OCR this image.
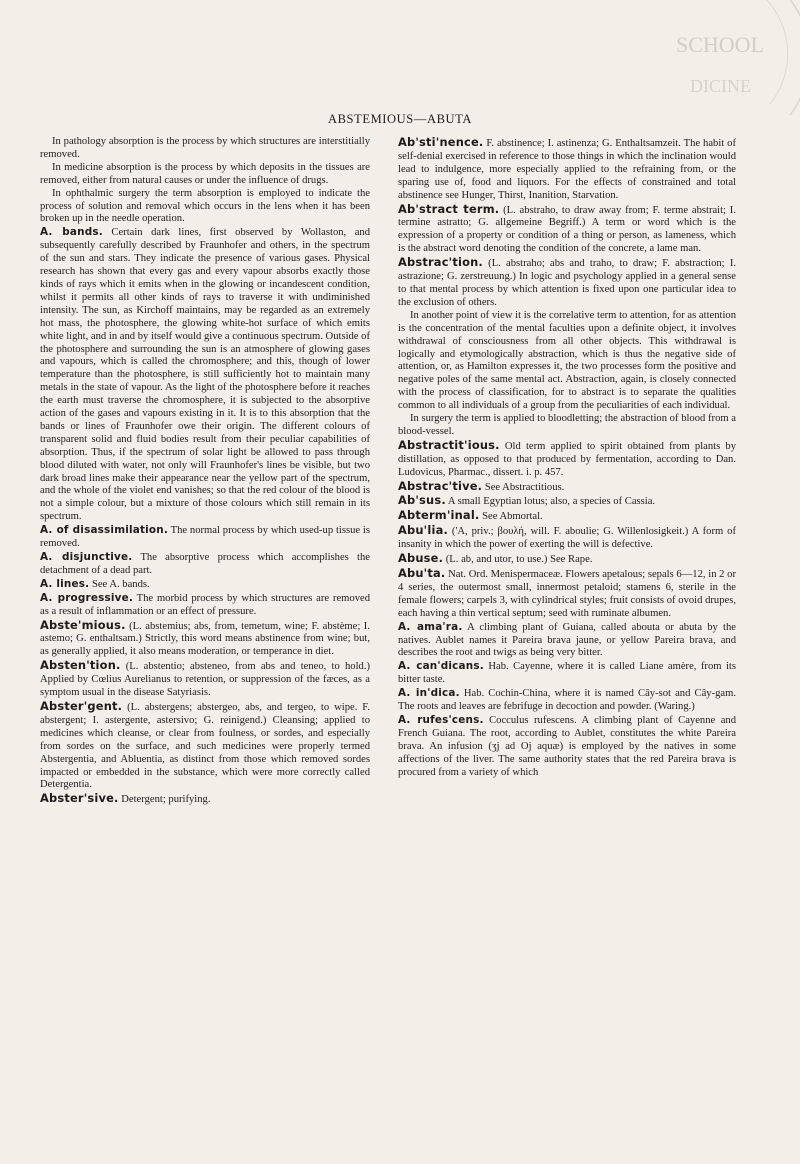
SCHOOL
DICINE
ABSTEMIOUS—ABUTA

In pathology absorption is the process by which structures are interstitially removed.

In medicine absorption is the process by which deposits in the tissues are removed, either from natural causes or under the influence of drugs.

In ophthalmic surgery the term absorption is employed to indicate the process of solution and removal which occurs in the lens when it has been broken up in the needle operation.

A. bands. Certain dark lines, first observed by Wollaston, and subsequently carefully described by Fraunhofer and others, in the spectrum of the sun and stars. They indicate the presence of various gases. Physical research has shown that every gas and every vapour absorbs exactly those kinds of rays which it emits when in the glowing or incandescent condition, whilst it permits all other kinds of rays to traverse it with undiminished intensity. The sun, as Kirchoff maintains, may be regarded as an extremely hot mass, the photosphere, the glowing white-hot surface of which emits white light, and in and by itself would give a continuous spectrum. Outside of the photosphere and surrounding the sun is an atmosphere of glowing gases and vapours, which is called the chromosphere; and this, though of lower temperature than the photosphere, is still sufficiently hot to maintain many metals in the state of vapour. As the light of the photosphere before it reaches the earth must traverse the chromosphere, it is subjected to the absorptive action of the gases and vapours existing in it. It is to this absorption that the bands or lines of Fraunhofer owe their origin. The different colours of transparent solid and fluid bodies result from their peculiar capabilities of absorption. Thus, if the spectrum of solar light be allowed to pass through blood diluted with water, not only will Fraunhofer's lines be visible, but two dark broad lines make their appearance near the yellow part of the spectrum, and the whole of the violet end vanishes; so that the red colour of the blood is not a simple colour, but a mixture of those colours which still remain in its spectrum.

A. of disassimilation. The normal process by which used-up tissue is removed.

A. disjunctive. The absorptive process which accomplishes the detachment of a dead part.

A. lines. See A. bands.

A. progressive. The morbid process by which structures are removed as a result of inflammation or an effect of pressure.

Abste'mious. (L. abstemius; abs, from, temetum, wine; F. abstème; I. astemo; G. enthaltsam.) Strictly, this word means abstinence from wine; but, as generally applied, it also means moderation, or temperance in diet.

Absten'tion. (L. abstentio; absteneo, from abs and teneo, to hold.) Applied by Cœlius Aurelianus to retention, or suppression of the fæces, as a symptom usual in the disease Satyriasis.

Abster'gent. (L. abstergens; abstergeo, abs, and tergeo, to wipe. F. abstergent; I. astergente, astersivo; G. reinigend.) Cleansing; applied to medicines which cleanse, or clear from foulness, or sordes, and especially from sordes on the surface, and such medicines were properly termed Abstergentia, and Abluentia, as distinct from those which removed sordes impacted or embedded in the substance, which were more correctly called Detergentia.

Abster'sive. Detergent; purifying.

Ab'sti'nence. F. abstinence; I. astinenza; G. Enthaltsamzeit. The habit of self-denial exercised in reference to those things in which the inclination would lead to indulgence, more especially applied to the refraining from, or the sparing use of, food and liquors. For the effects of constrained and total abstinence see Hunger, Thirst, Inanition, Starvation.

Ab'stract term. (L. abstraho, to draw away from; F. terme abstrait; I. termine astratto; G. allgemeine Begriff.) A term or word which is the expression of a property or condition of a thing or person, as lameness, which is the abstract word denoting the condition of the concrete, a lame man.

Abstrac'tion. (L. abstraho; abs and traho, to draw; F. abstraction; I. astrazione; G. zerstreuung.) In logic and psychology applied in a general sense to that mental process by which attention is fixed upon one particular idea to the exclusion of others.

In another point of view it is the correlative term to attention, for as attention is the concentration of the mental faculties upon a definite object, it involves withdrawal of consciousness from all other objects. This withdrawal is logically and etymologically abstraction, which is thus the negative side of attention, or, as Hamilton expresses it, the two processes form the positive and negative poles of the same mental act. Abstraction, again, is closely connected with the process of classification, for to abstract is to separate the qualities common to all individuals of a group from the peculiarities of each individual.

In surgery the term is applied to bloodletting; the abstraction of blood from a blood-vessel.

Abstractit'ious. Old term applied to spirit obtained from plants by distillation, as opposed to that produced by fermentation, according to Dan. Ludovicus, Pharmac., dissert. i. p. 457.

Abstrac'tive. See Abstractitious.

Ab'sus. A small Egyptian lotus; also, a species of Cassia.

Abterm'inal. See Abmortal.

Abu'lia. ('A, priv.; βουλή, will. F. aboulie; G. Willenlosigkeit.) A form of insanity in which the power of exerting the will is defective.

Abuse. (L. ab, and utor, to use.) See Rape.

Abu'ta. Nat. Ord. Menispermaceæ. Flowers apetalous; sepals 6—12, in 2 or 4 series, the outermost small, innermost petaloid; stamens 6, sterile in the female flowers; carpels 3, with cylindrical styles; fruit consists of ovoid drupes, each having a thin vertical septum; seed with ruminate albumen.

A. ama'ra. A climbing plant of Guiana, called abouta or abuta by the natives. Aublet names it Pareira brava jaune, or yellow Pareira brava, and describes the root and twigs as being very bitter.

A. can'dicans. Hab. Cayenne, where it is called Liane amère, from its bitter taste.

A. in'dica. Hab. Cochin-China, where it is named Câу-sot and Câу-gam. The roots and leaves are febrifuge in decoction and powder. (Waring.)

A. rufes'cens. Cocculus rufescens. A climbing plant of Cayenne and French Guiana. The root, according to Aublet, constitutes the white Pareira brava. An infusion (ʒj ad Oj aquæ) is employed by the natives in some affections of the liver. The same authority states that the red Pareira brava is procured from a variety of which
